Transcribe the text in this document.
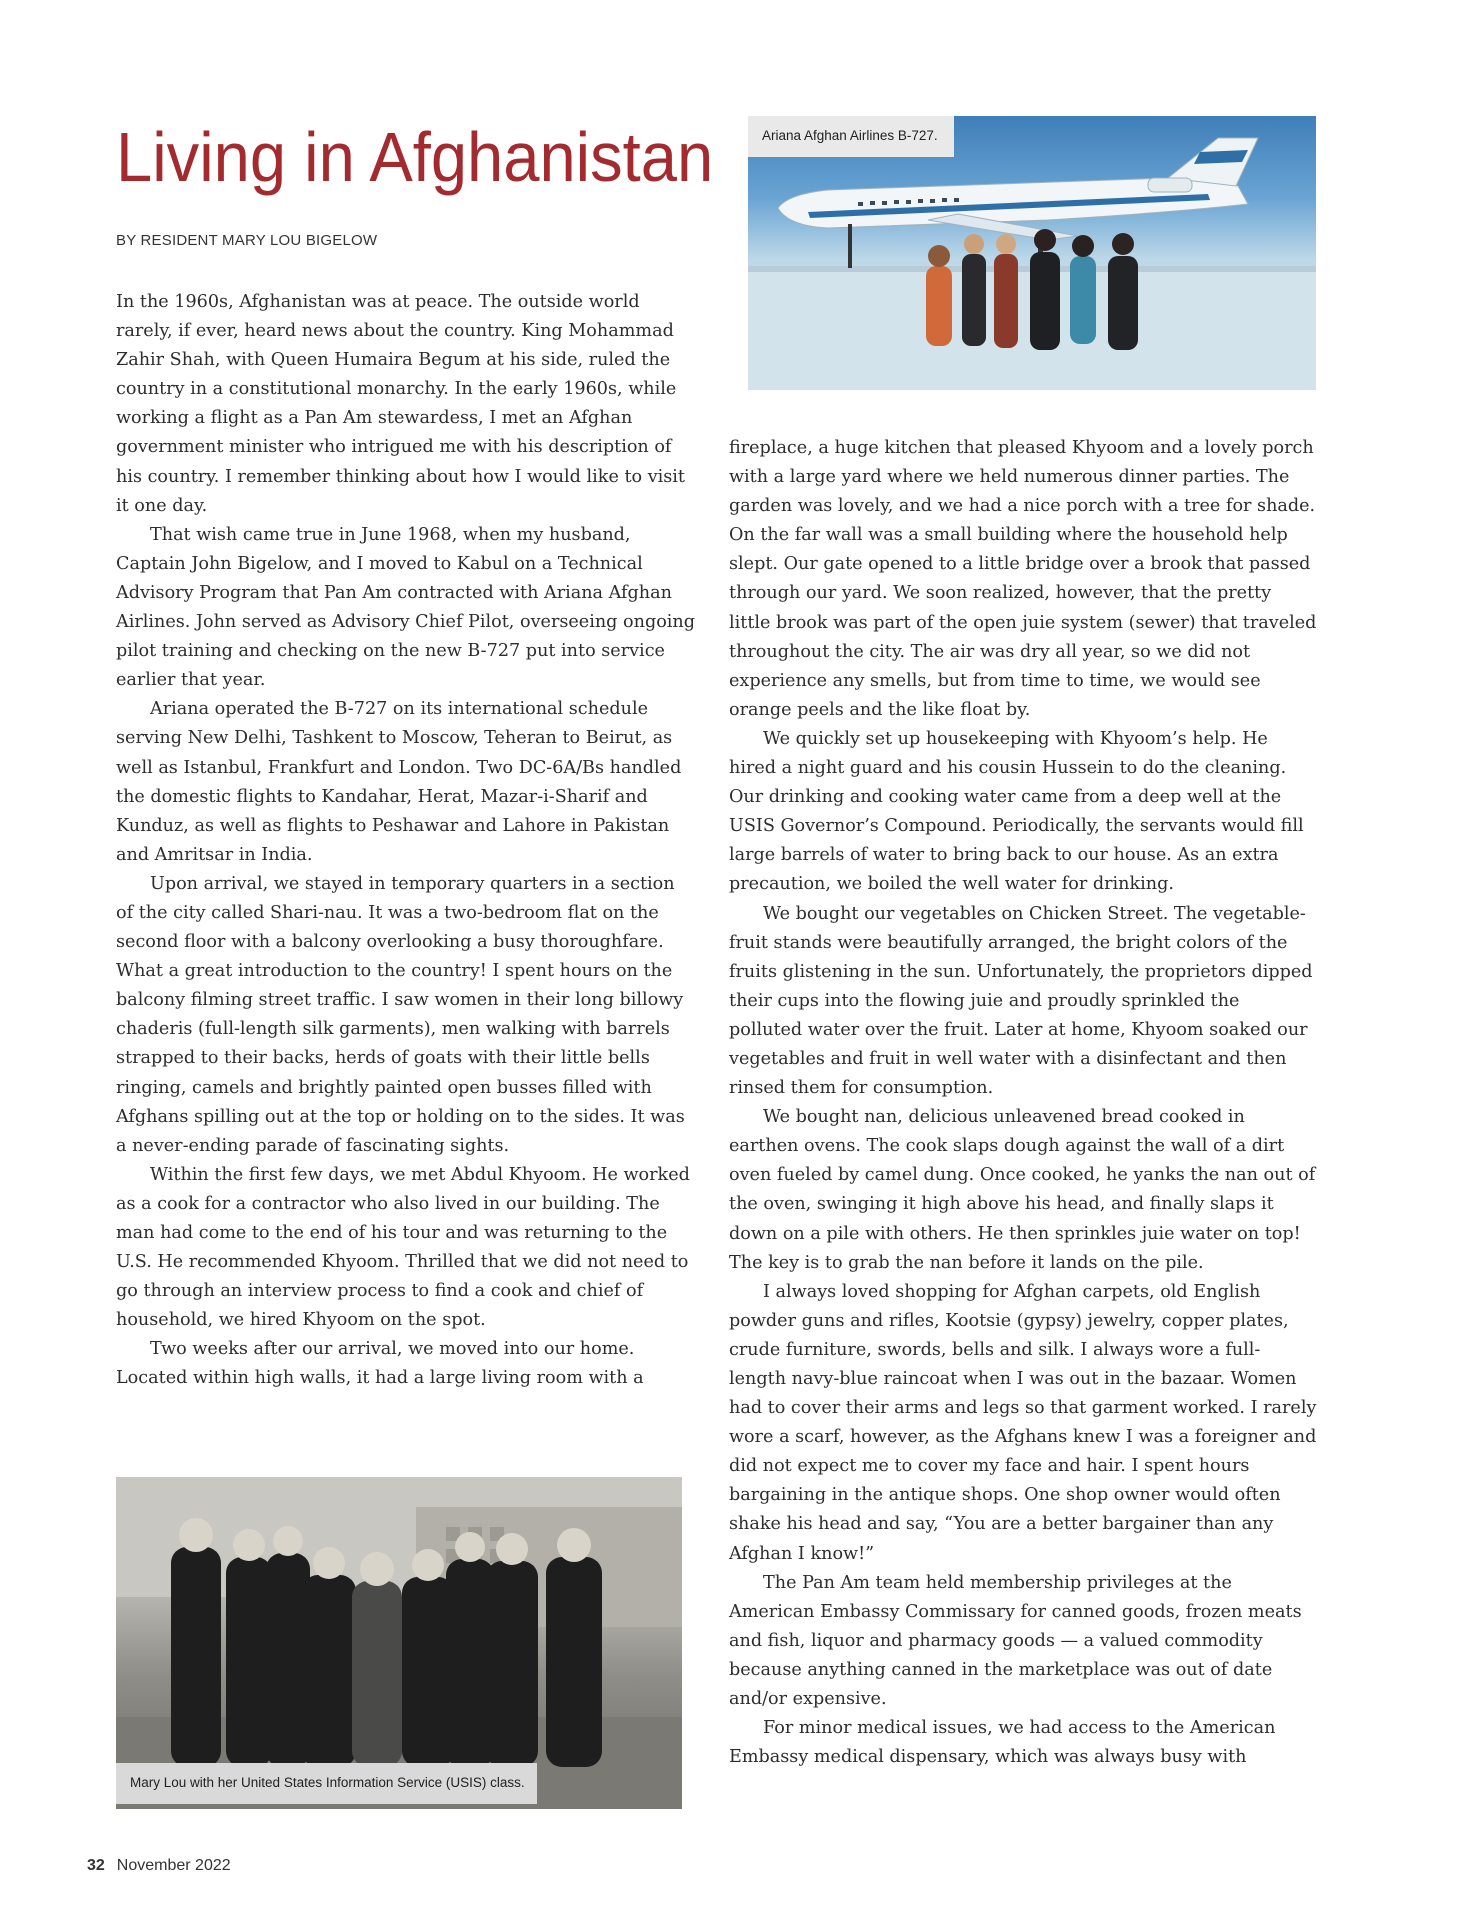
Living in Afghanistan
BY RESIDENT MARY LOU BIGELOW
Ariana Afghan Airlines B-727.

In the 1960s, Afghanistan was at peace. The outside world rarely, if ever, heard news about the country. King Mohammad Zahir Shah, with Queen Humaira Begum at his side, ruled the country in a constitutional monarchy. In the early 1960s, while working a flight as a Pan Am stewardess, I met an Afghan government minister who intrigued me with his description of his country. I remember thinking about how I would like to visit it one day.

That wish came true in June 1968, when my husband, Captain John Bigelow, and I moved to Kabul on a Technical Advisory Program that Pan Am contracted with Ariana Afghan Airlines. John served as Advisory Chief Pilot, overseeing ongoing pilot training and checking on the new B-727 put into service earlier that year.

Ariana operated the B-727 on its international schedule serving New Delhi, Tashkent to Moscow, Teheran to Beirut, as well as Istanbul, Frankfurt and London. Two DC-6A/Bs handled the domestic flights to Kandahar, Herat, Mazar-i-Sharif and Kunduz, as well as flights to Peshawar and Lahore in Pakistan and Amritsar in India.

Upon arrival, we stayed in temporary quarters in a section of the city called Shari-nau. It was a two-bedroom flat on the second floor with a balcony overlooking a busy thoroughfare. What a great introduction to the country! I spent hours on the balcony filming street traffic. I saw women in their long billowy chaderis (full-length silk garments), men walking with barrels strapped to their backs, herds of goats with their little bells ringing, camels and brightly painted open busses filled with Afghans spilling out at the top or holding on to the sides. It was a never-ending parade of fascinating sights.

Within the first few days, we met Abdul Khyoom. He worked as a cook for a contractor who also lived in our building. The man had come to the end of his tour and was returning to the U.S. He recommended Khyoom. Thrilled that we did not need to go through an interview process to find a cook and chief of household, we hired Khyoom on the spot.

Two weeks after our arrival, we moved into our home. Located within high walls, it had a large living room with a

Mary Lou with her United States Information Service (USIS) class.

fireplace, a huge kitchen that pleased Khyoom and a lovely porch with a large yard where we held numerous dinner parties. The garden was lovely, and we had a nice porch with a tree for shade. On the far wall was a small building where the household help slept. Our gate opened to a little bridge over a brook that passed through our yard. We soon realized, however, that the pretty little brook was part of the open juie system (sewer) that traveled throughout the city. The air was dry all year, so we did not experience any smells, but from time to time, we would see orange peels and the like float by.

We quickly set up housekeeping with Khyoom’s help. He hired a night guard and his cousin Hussein to do the cleaning. Our drinking and cooking water came from a deep well at the USIS Governor’s Compound. Periodically, the servants would fill large barrels of water to bring back to our house. As an extra precaution, we boiled the well water for drinking.

We bought our vegetables on Chicken Street. The vegetable-fruit stands were beautifully arranged, the bright colors of the fruits glistening in the sun. Unfortunately, the proprietors dipped their cups into the flowing juie and proudly sprinkled the polluted water over the fruit. Later at home, Khyoom soaked our vegetables and fruit in well water with a disinfectant and then rinsed them for consumption.

We bought nan, delicious unleavened bread cooked in earthen ovens. The cook slaps dough against the wall of a dirt oven fueled by camel dung. Once cooked, he yanks the nan out of the oven, swinging it high above his head, and finally slaps it down on a pile with others. He then sprinkles juie water on top! The key is to grab the nan before it lands on the pile.

I always loved shopping for Afghan carpets, old English powder guns and rifles, Kootsie (gypsy) jewelry, copper plates, crude furniture, swords, bells and silk. I always wore a full-length navy-blue raincoat when I was out in the bazaar. Women had to cover their arms and legs so that garment worked. I rarely wore a scarf, however, as the Afghans knew I was a foreigner and did not expect me to cover my face and hair. I spent hours bargaining in the antique shops. One shop owner would often shake his head and say, “You are a better bargainer than any Afghan I know!”

The Pan Am team held membership privileges at the American Embassy Commissary for canned goods, frozen meats and fish, liquor and pharmacy goods — a valued commodity because anything canned in the marketplace was out of date and/or expensive.

For minor medical issues, we had access to the American Embassy medical dispensary, which was always busy with

32 November 2022
